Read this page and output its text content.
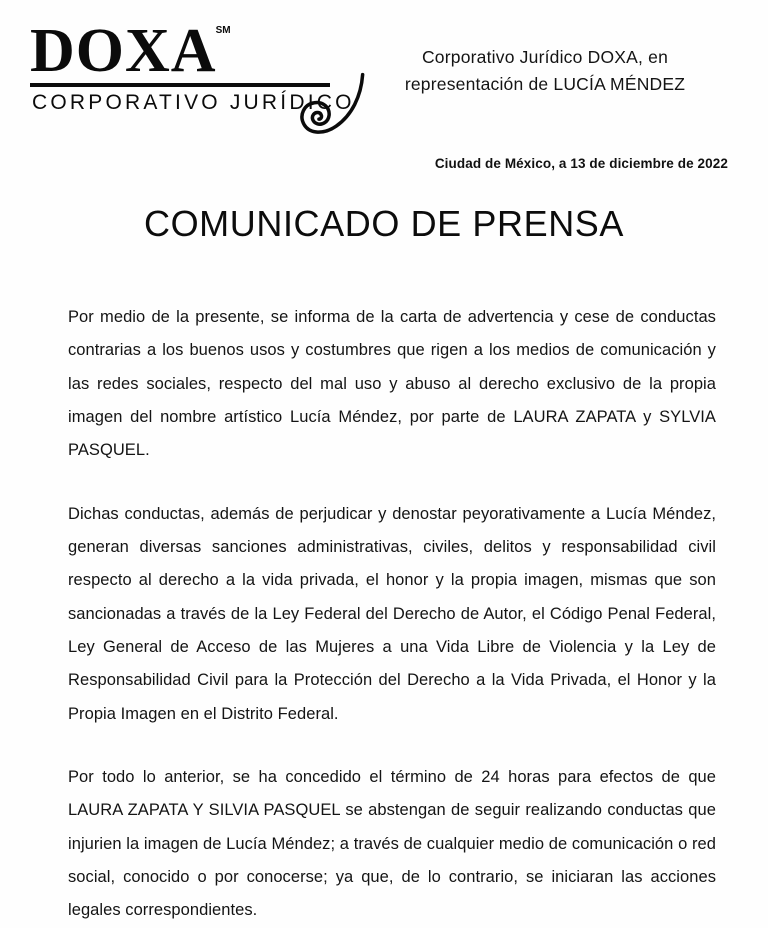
DOXA SM
CORPORATIVO JURÍDICO
Corporativo Jurídico DOXA, en
representación de LUCÍA MÉNDEZ
Ciudad de México, a 13 de diciembre de 2022
COMUNICADO DE PRENSA

Por medio de la presente, se informa de la carta de advertencia y cese de conductas contrarias a los buenos usos y costumbres que rigen a los medios de comunicación y las redes sociales, respecto del mal uso y abuso al derecho exclusivo de la propia imagen del nombre artístico Lucía Méndez, por parte de LAURA ZAPATA y SYLVIA PASQUEL.

Dichas conductas, además de perjudicar y denostar peyorativamente a Lucía Méndez, generan diversas sanciones administrativas, civiles, delitos y responsabilidad civil respecto al derecho a la vida privada, el honor y la propia imagen, mismas que son sancionadas a través de la Ley Federal del Derecho de Autor, el Código Penal Federal, Ley General de Acceso de las Mujeres a una Vida Libre de Violencia y la Ley de Responsabilidad Civil para la Protección del Derecho a la Vida Privada, el Honor y la Propia Imagen en el Distrito Federal.

Por todo lo anterior, se ha concedido el término de 24 horas para efectos de que LAURA ZAPATA Y SILVIA PASQUEL se abstengan de seguir realizando conductas que injurien la imagen de Lucía Méndez; a través de cualquier medio de comunicación o red social, conocido o por conocerse; ya que, de lo contrario, se iniciaran las acciones legales correspondientes.
